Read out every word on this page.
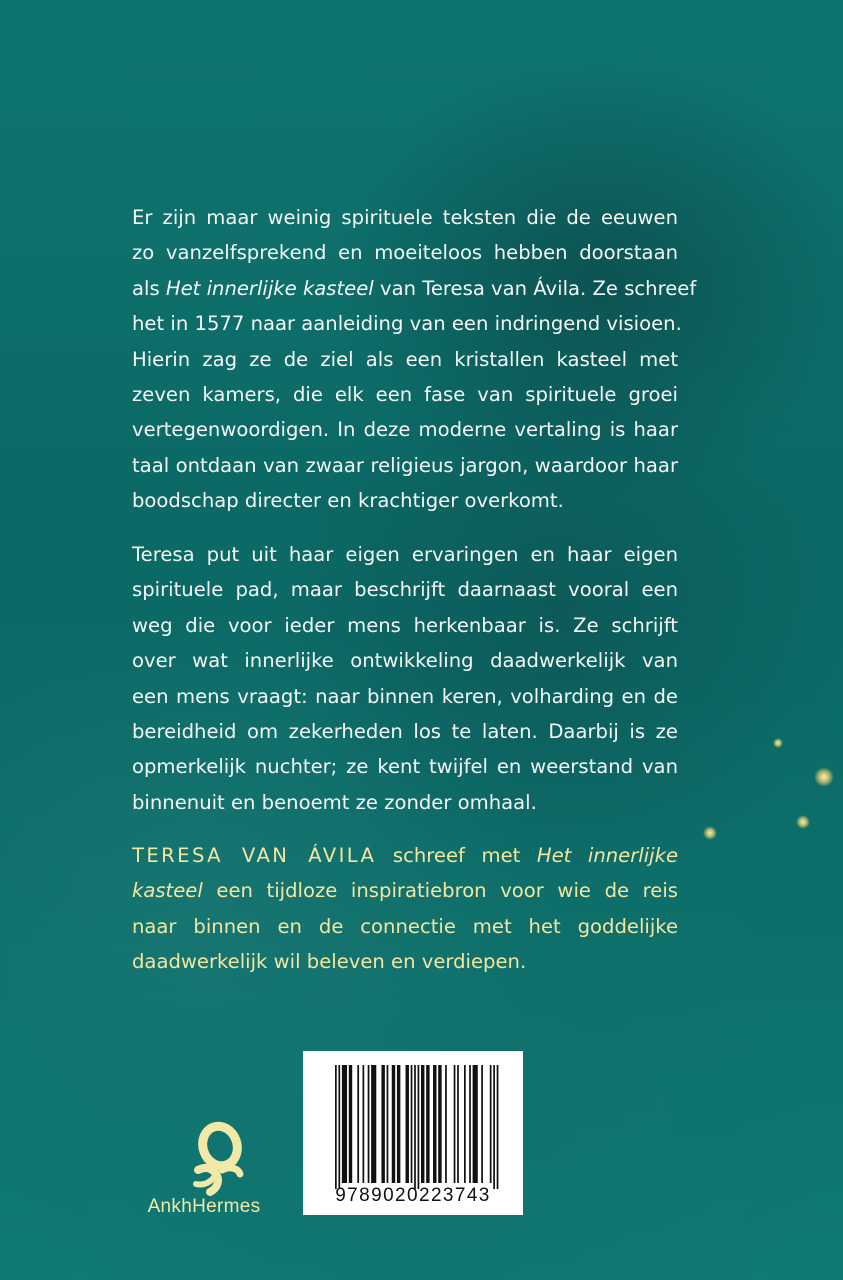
Er zijn maar weinig spirituele teksten die de eeuwen
zo vanzelfsprekend en moeiteloos hebben doorstaan
als Het innerlijke kasteel van Teresa van Ávila. Ze schreef
het in 1577 naar aanleiding van een indringend visioen.
Hierin zag ze de ziel als een kristallen kasteel met
zeven kamers, die elk een fase van spirituele groei
vertegenwoordigen. In deze moderne vertaling is haar
taal ontdaan van zwaar religieus jargon, waardoor haar
boodschap directer en krachtiger overkomt.

Teresa put uit haar eigen ervaringen en haar eigen
spirituele pad, maar beschrijft daarnaast vooral een
weg die voor ieder mens herkenbaar is. Ze schrijft
over wat innerlijke ontwikkeling daadwerkelijk van
een mens vraagt: naar binnen keren, volharding en de
bereidheid om zekerheden los te laten. Daarbij is ze
opmerkelijk nuchter; ze kent twijfel en weerstand van
binnenuit en benoemt ze zonder omhaal.

TERESA VAN ÁVILA schreef met Het innerlijke
kasteel een tijdloze inspiratiebron voor wie de reis
naar binnen en de connectie met het goddelijke
daadwerkelijk wil beleven en verdiepen.

9789020223743
AnkhHermes
